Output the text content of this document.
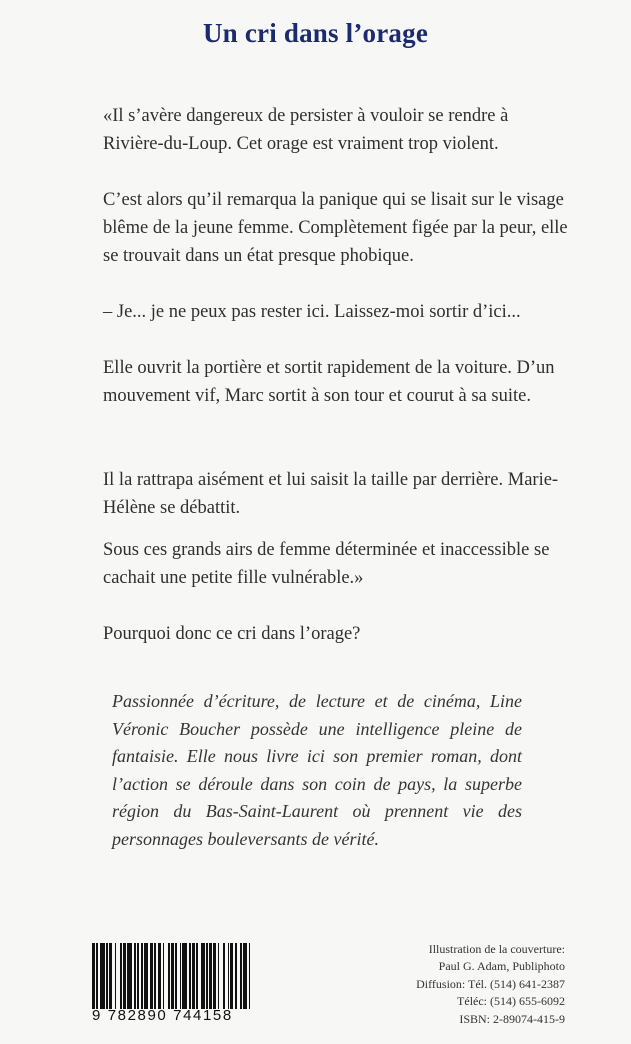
Un cri dans l’orage

«Il s’avère dangereux de persister à vouloir se rendre à Rivière-du-Loup. Cet orage est vraiment trop violent.

C’est alors qu’il remarqua la panique qui se lisait sur le visage blême de la jeune femme. Complètement figée par la peur, elle se trouvait dans un état presque phobique.

– Je... je ne peux pas rester ici. Laissez-moi sortir d’ici...

Elle ouvrit la portière et sortit rapidement de la voiture. D’un mouvement vif, Marc sortit à son tour et courut à sa suite.

Il la rattrapa aisément et lui saisit la taille par derrière. Marie-Hélène se débattit.

Sous ces grands airs de femme déterminée et inaccessible se cachait une petite fille vulnérable.»

Pourquoi donc ce cri dans l’orage?

Passionnée d’écriture, de lecture et de cinéma, Line Véronic Boucher possède une intelligence pleine de fantaisie. Elle nous livre ici son premier roman, dont l’action se déroule dans son coin de pays, la superbe région du Bas-Saint-Laurent où prennent vie des personnages bouleversants de vérité.

9 782890 744158
Illustration de la couverture:
Paul G. Adam, Publiphoto
Diffusion: Tél. (514) 641-2387
Téléc: (514) 655-6092
ISBN: 2-89074-415-9
